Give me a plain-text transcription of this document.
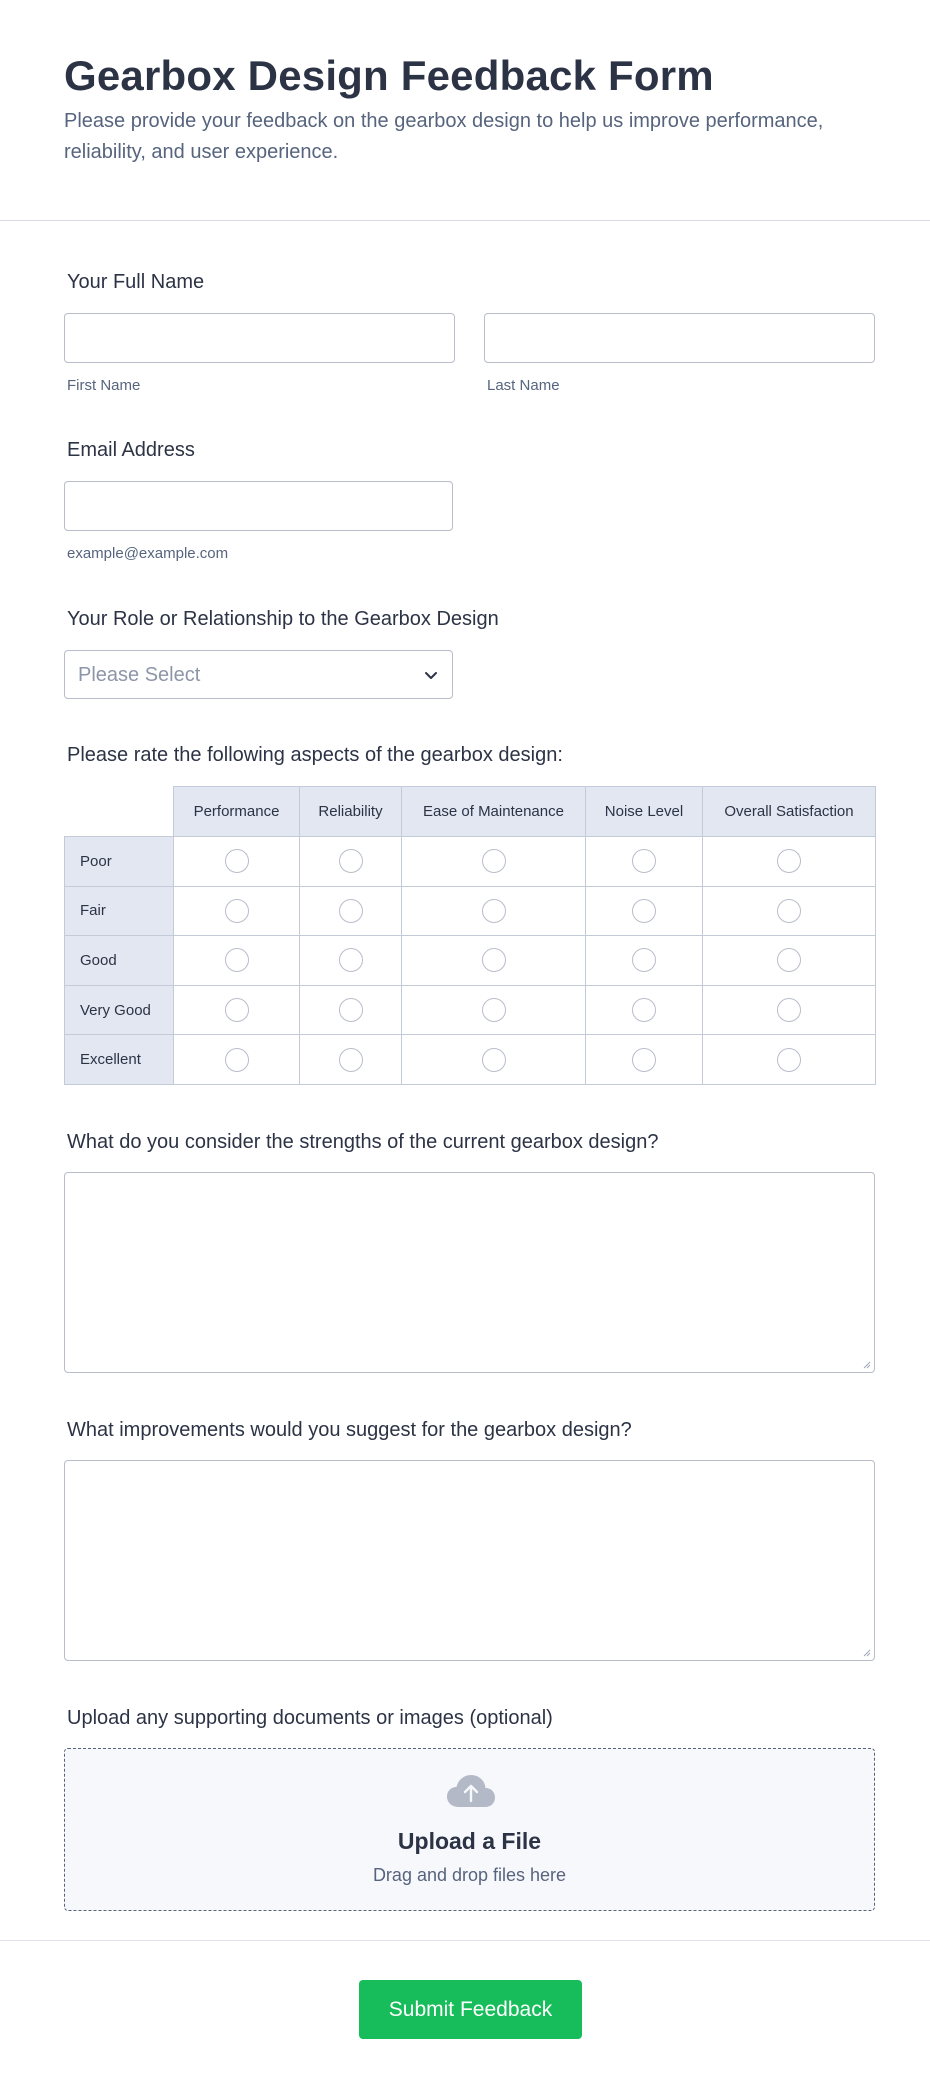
Gearbox Design Feedback Form

Please provide your feedback on the gearbox design to help us improve performance, reliability, and user experience.

Your Full Name
First Name	Last Name
Email Address
example@example.com
Your Role or Relationship to the Gearbox Design
Please Select
Please rate the following aspects of the gearbox design:
	Performance	Reliability	Ease of Maintenance	Noise Level	Overall Satisfaction
Poor					
Fair					
Good					
Very Good					
Excellent					
What do you consider the strengths of the current gearbox design?
What improvements would you suggest for the gearbox design?
Upload any supporting documents or images (optional)
Upload a File
Drag and drop files here
Submit Feedback
